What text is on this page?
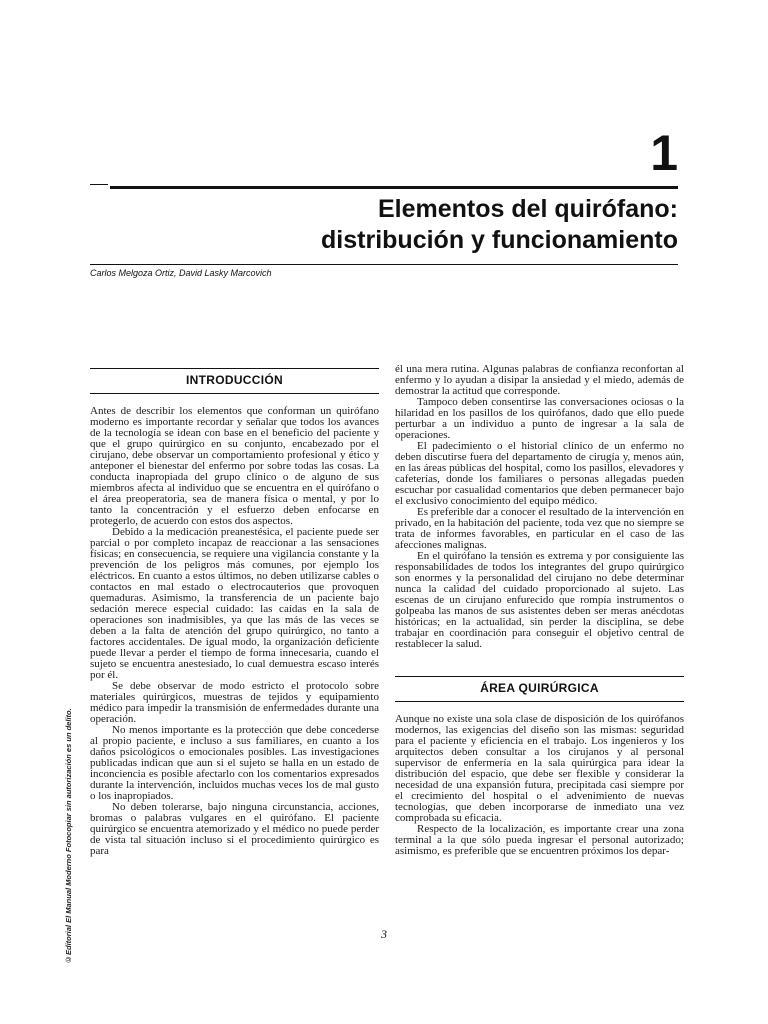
1
Elementos del quirófano:
distribución y funcionamiento
Carlos Melgoza Ortiz, David Lasky Marcovich
©Editorial El Manual Moderno Fotocopiar sin autorización es un delito.
INTRODUCCIÓN

Antes de describir los elementos que conforman un quirófano moderno es importante recordar y señalar que todos los avances de la tecnología se idean con base en el beneficio del paciente y que el grupo quirúrgico en su conjunto, encabezado por el cirujano, debe observar un comportamiento profesional y ético y anteponer el bienestar del enfermo por sobre todas las cosas. La conducta inapropiada del grupo clínico o de alguno de sus miembros afecta al individuo que se encuentra en el quirófano o el área preoperatoria, sea de manera física o mental, y por lo tanto la concentración y el esfuerzo deben enfocarse en protegerlo, de acuerdo con estos dos aspectos.

Debido a la medicación preanestésica, el paciente puede ser parcial o por completo incapaz de reaccionar a las sensaciones físicas; en consecuencia, se requiere una vigilancia constante y la prevención de los peligros más comunes, por ejemplo los eléctricos. En cuanto a estos últimos, no deben utilizarse cables o contactos en mal estado o electrocauterios que provoquen quemaduras. Asimismo, la transferencia de un paciente bajo sedación merece especial cuidado: las caídas en la sala de operaciones son inadmisibles, ya que las más de las veces se deben a la falta de atención del grupo quirúrgico, no tanto a factores accidentales. De igual modo, la organización deficiente puede llevar a perder el tiempo de forma innecesaria, cuando el sujeto se encuentra anestesiado, lo cual demuestra escaso interés por él.

Se debe observar de modo estricto el protocolo sobre materiales quirúrgicos, muestras de tejidos y equipamiento médico para impedir la transmisión de enfermedades durante una operación.

No menos importante es la protección que debe concederse al propio paciente, e incluso a sus familiares, en cuanto a los daños psicológicos o emocionales posibles. Las investigaciones publicadas indican que aun si el sujeto se halla en un estado de inconciencia es posible afectarlo con los comentarios expresados durante la intervención, incluidos muchas veces los de mal gusto o los inapropiados.

No deben tolerarse, bajo ninguna circunstancia, acciones, bromas o palabras vulgares en el quirófano. El paciente quirúrgico se encuentra atemorizado y el médico no puede perder de vista tal situación incluso si el procedimiento quirúrgico es para

él una mera rutina. Algunas palabras de confianza reconfortan al enfermo y lo ayudan a disipar la ansiedad y el miedo, además de demostrar la actitud que corresponde.

Tampoco deben consentirse las conversaciones ociosas o la hilaridad en los pasillos de los quirófanos, dado que ello puede perturbar a un individuo a punto de ingresar a la sala de operaciones.

El padecimiento o el historial clínico de un enfermo no deben discutirse fuera del departamento de cirugía y, menos aún, en las áreas públicas del hospital, como los pasillos, elevadores y cafeterías, donde los familiares o personas allegadas pueden escuchar por casualidad comentarios que deben permanecer bajo el exclusivo conocimiento del equipo médico.

Es preferible dar a conocer el resultado de la intervención en privado, en la habitación del paciente, toda vez que no siempre se trata de informes favorables, en particular en el caso de las afecciones malignas.

En el quirófano la tensión es extrema y por consiguiente las responsabilidades de todos los integrantes del grupo quirúrgico son enormes y la personalidad del cirujano no debe determinar nunca la calidad del cuidado proporcionado al sujeto. Las escenas de un cirujano enfurecido que rompía instrumentos o golpeaba las manos de sus asistentes deben ser meras anécdotas históricas; en la actualidad, sin perder la disciplina, se debe trabajar en coordinación para conseguir el objetivo central de restablecer la salud.

ÁREA QUIRÚRGICA

Aunque no existe una sola clase de disposición de los quirófanos modernos, las exigencias del diseño son las mismas: seguridad para el paciente y eficiencia en el trabajo. Los ingenieros y los arquitectos deben consultar a los cirujanos y al personal supervisor de enfermería en la sala quirúrgica para idear la distribución del espacio, que debe ser flexible y considerar la necesidad de una expansión futura, precipitada casi siempre por el crecimiento del hospital o el advenimiento de nuevas tecnologías, que deben incorporarse de inmediato una vez comprobada su eficacia.

Respecto de la localización, es importante crear una zona terminal a la que sólo pueda ingresar el personal autorizado; asimismo, es preferible que se encuentren próximos los depar-

3
